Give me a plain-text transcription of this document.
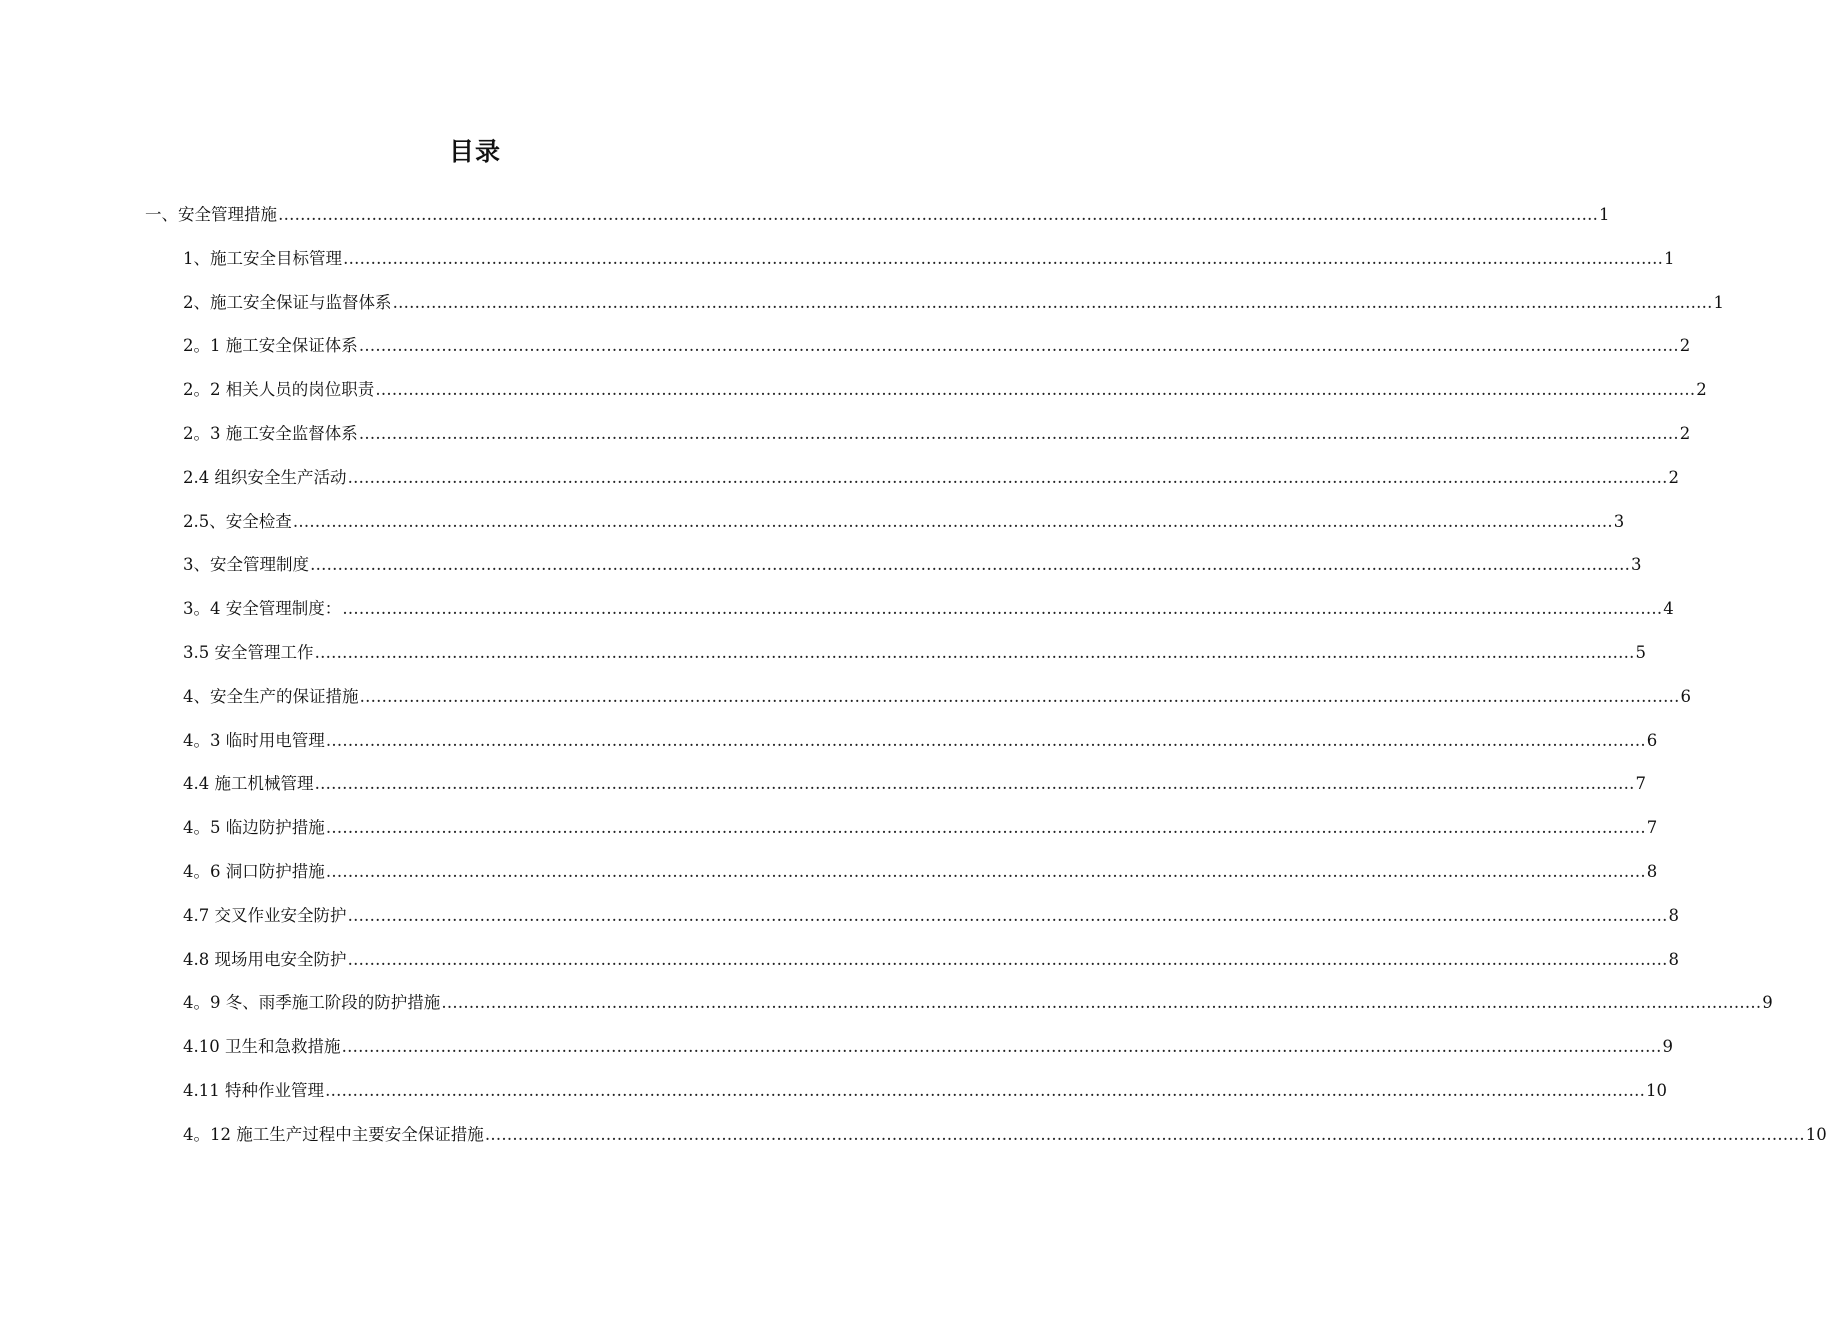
目录
一、安全管理措施 …………………………………………………………………………………………………………………………………………………………………………………………………………………… 1
1、施工安全目标管理 …………………………………………………………………………………………………………………………………………………………………………………………………………………… 1
2、施工安全保证与监督体系 …………………………………………………………………………………………………………………………………………………………………………………………………………………… 1
2。1 施工安全保证体系 …………………………………………………………………………………………………………………………………………………………………………………………………………………… 2
2。2 相关人员的岗位职责 …………………………………………………………………………………………………………………………………………………………………………………………………………………… 2
2。3 施工安全监督体系 …………………………………………………………………………………………………………………………………………………………………………………………………………………… 2
2.4 组织安全生产活动 …………………………………………………………………………………………………………………………………………………………………………………………………………………… 2
2.5、安全检查 …………………………………………………………………………………………………………………………………………………………………………………………………………………… 3
3、安全管理制度 …………………………………………………………………………………………………………………………………………………………………………………………………………………… 3
3。4 安全管理制度： …………………………………………………………………………………………………………………………………………………………………………………………………………………… 4
3.5 安全管理工作 …………………………………………………………………………………………………………………………………………………………………………………………………………………… 5
4、安全生产的保证措施 …………………………………………………………………………………………………………………………………………………………………………………………………………………… 6
4。3 临时用电管理 …………………………………………………………………………………………………………………………………………………………………………………………………………………… 6
4.4 施工机械管理 …………………………………………………………………………………………………………………………………………………………………………………………………………………… 7
4。5 临边防护措施 …………………………………………………………………………………………………………………………………………………………………………………………………………………… 7
4。6 洞口防护措施 …………………………………………………………………………………………………………………………………………………………………………………………………………………… 8
4.7 交叉作业安全防护 …………………………………………………………………………………………………………………………………………………………………………………………………………………… 8
4.8 现场用电安全防护 …………………………………………………………………………………………………………………………………………………………………………………………………………………… 8
4。9 冬、雨季施工阶段的防护措施 …………………………………………………………………………………………………………………………………………………………………………………………………………………… 9
4.10 卫生和急救措施 …………………………………………………………………………………………………………………………………………………………………………………………………………………… 9
4.11 特种作业管理 …………………………………………………………………………………………………………………………………………………………………………………………………………………… 10
4。12 施工生产过程中主要安全保证措施 …………………………………………………………………………………………………………………………………………………………………………………………………………………… 10
